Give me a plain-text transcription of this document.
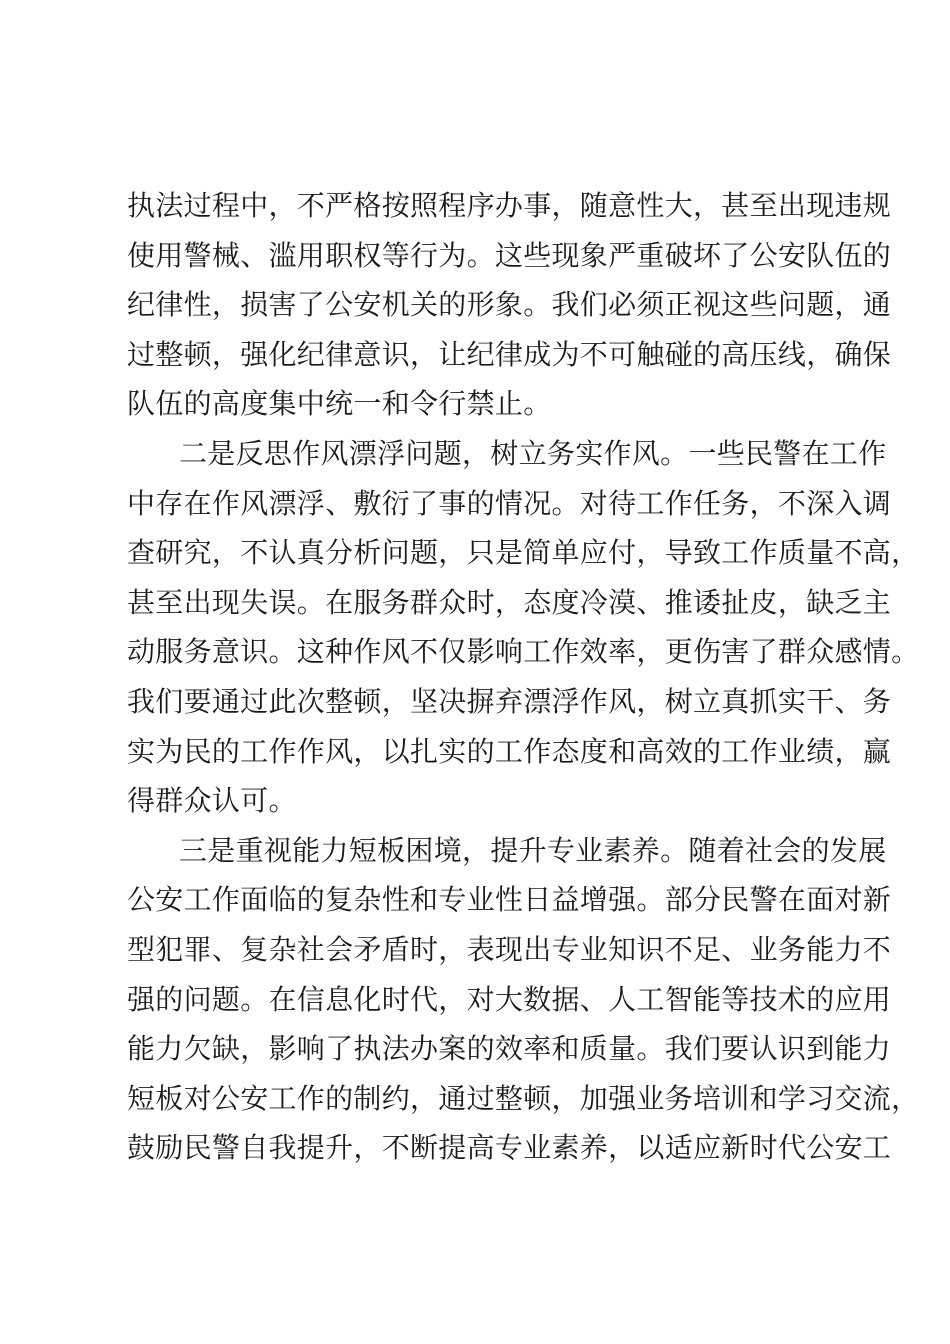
执法过程中，不严格按照程序办事，随意性大，甚至出现违规
使用警械、滥用职权等行为。这些现象严重破坏了公安队伍的
纪律性，损害了公安机关的形象。我们必须正视这些问题，通
过整顿，强化纪律意识，让纪律成为不可触碰的高压线，确保
队伍的高度集中统一和令行禁止。
二是反思作风漂浮问题，树立务实作风。一些民警在工作
中存在作风漂浮、敷衍了事的情况。对待工作任务，不深入调
查研究，不认真分析问题，只是简单应付，导致工作质量不高，
甚至出现失误。在服务群众时，态度冷漠、推诿扯皮，缺乏主
动服务意识。这种作风不仅影响工作效率，更伤害了群众感情。
我们要通过此次整顿，坚决摒弃漂浮作风，树立真抓实干、务
实为民的工作作风，以扎实的工作态度和高效的工作业绩，赢
得群众认可。
三是重视能力短板困境，提升专业素养。随着社会的发展
公安工作面临的复杂性和专业性日益增强。部分民警在面对新
型犯罪、复杂社会矛盾时，表现出专业知识不足、业务能力不
强的问题。在信息化时代，对大数据、人工智能等技术的应用
能力欠缺，影响了执法办案的效率和质量。我们要认识到能力
短板对公安工作的制约，通过整顿，加强业务培训和学习交流，
鼓励民警自我提升，不断提高专业素养，以适应新时代公安工
